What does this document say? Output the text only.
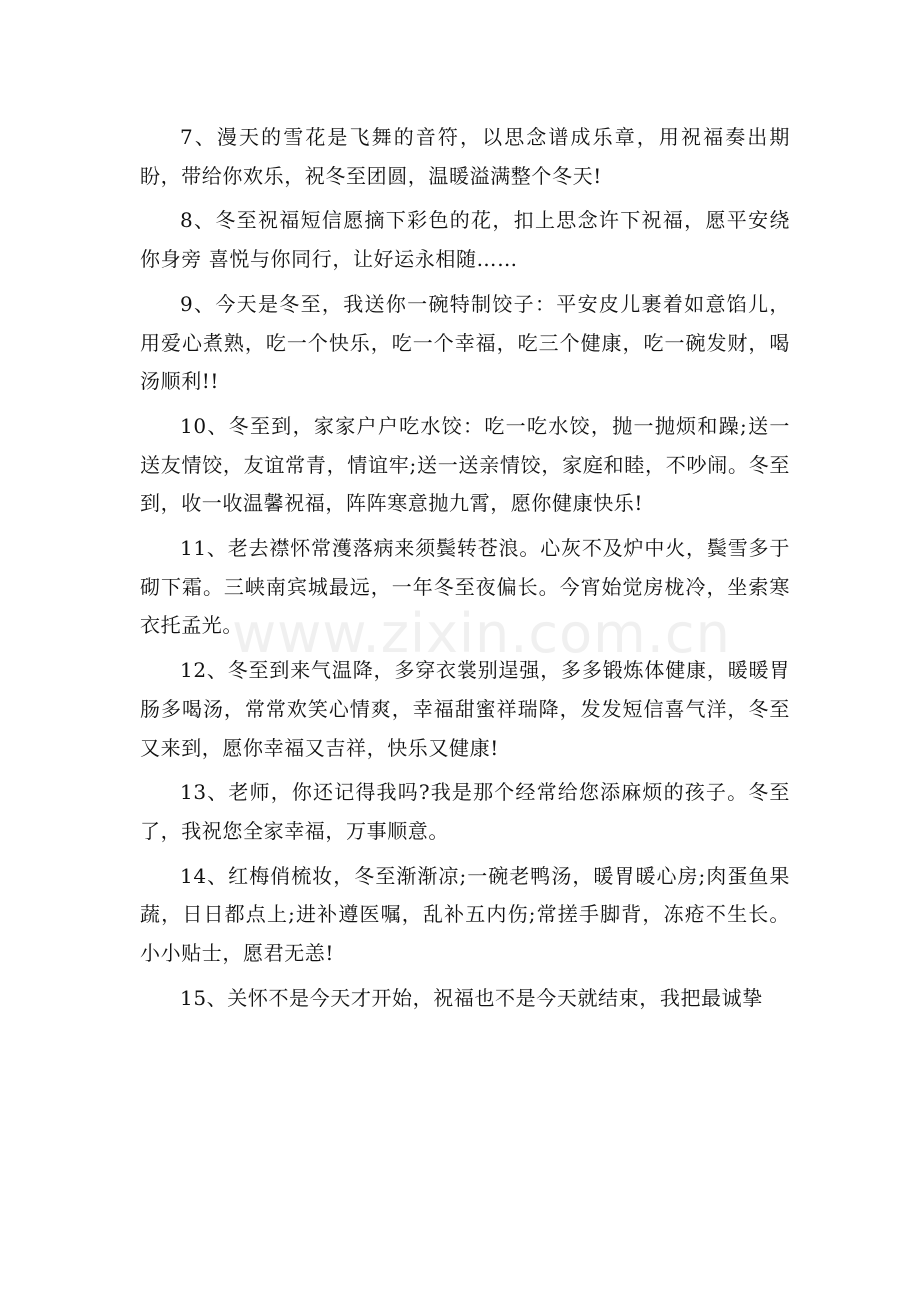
7、漫天的雪花是飞舞的音符，以思念谱成乐章，用祝福奏出期盼，带给你欢乐，祝冬至团圆，温暖溢满整个冬天!

8、冬至祝福短信愿摘下彩色的花，扣上思念许下祝福，愿平安绕你身旁 喜悦与你同行，让好运永相随……

9、今天是冬至，我送你一碗特制饺子：平安皮儿裹着如意馅儿，用爱心煮熟，吃一个快乐，吃一个幸福，吃三个健康，吃一碗发财，喝汤顺利!!

10、冬至到，家家户户吃水饺：吃一吃水饺，抛一抛烦和躁;送一送友情饺，友谊常青，情谊牢;送一送亲情饺，家庭和睦，不吵闹。冬至到，收一收温馨祝福，阵阵寒意抛九霄，愿你健康快乐!

11、老去襟怀常濩落病来须鬓转苍浪。心灰不及炉中火，鬓雪多于砌下霜。三峡南宾城最远，一年冬至夜偏长。今宵始觉房栊冷，坐索寒衣托孟光。

12、冬至到来气温降，多穿衣裳别逞强，多多锻炼体健康，暖暖胃肠多喝汤，常常欢笑心情爽，幸福甜蜜祥瑞降，发发短信喜气洋，冬至又来到，愿你幸福又吉祥，快乐又健康!

13、老师，你还记得我吗?我是那个经常给您添麻烦的孩子。冬至了，我祝您全家幸福，万事顺意。

14、红梅俏梳妆，冬至渐渐凉;一碗老鸭汤，暖胃暖心房;肉蛋鱼果蔬，日日都点上;进补遵医嘱，乱补五内伤;常搓手脚背，冻疮不生长。小小贴士，愿君无恙!

15、关怀不是今天才开始，祝福也不是今天就结束，我把最诚挚

www.zixin.com.cn
